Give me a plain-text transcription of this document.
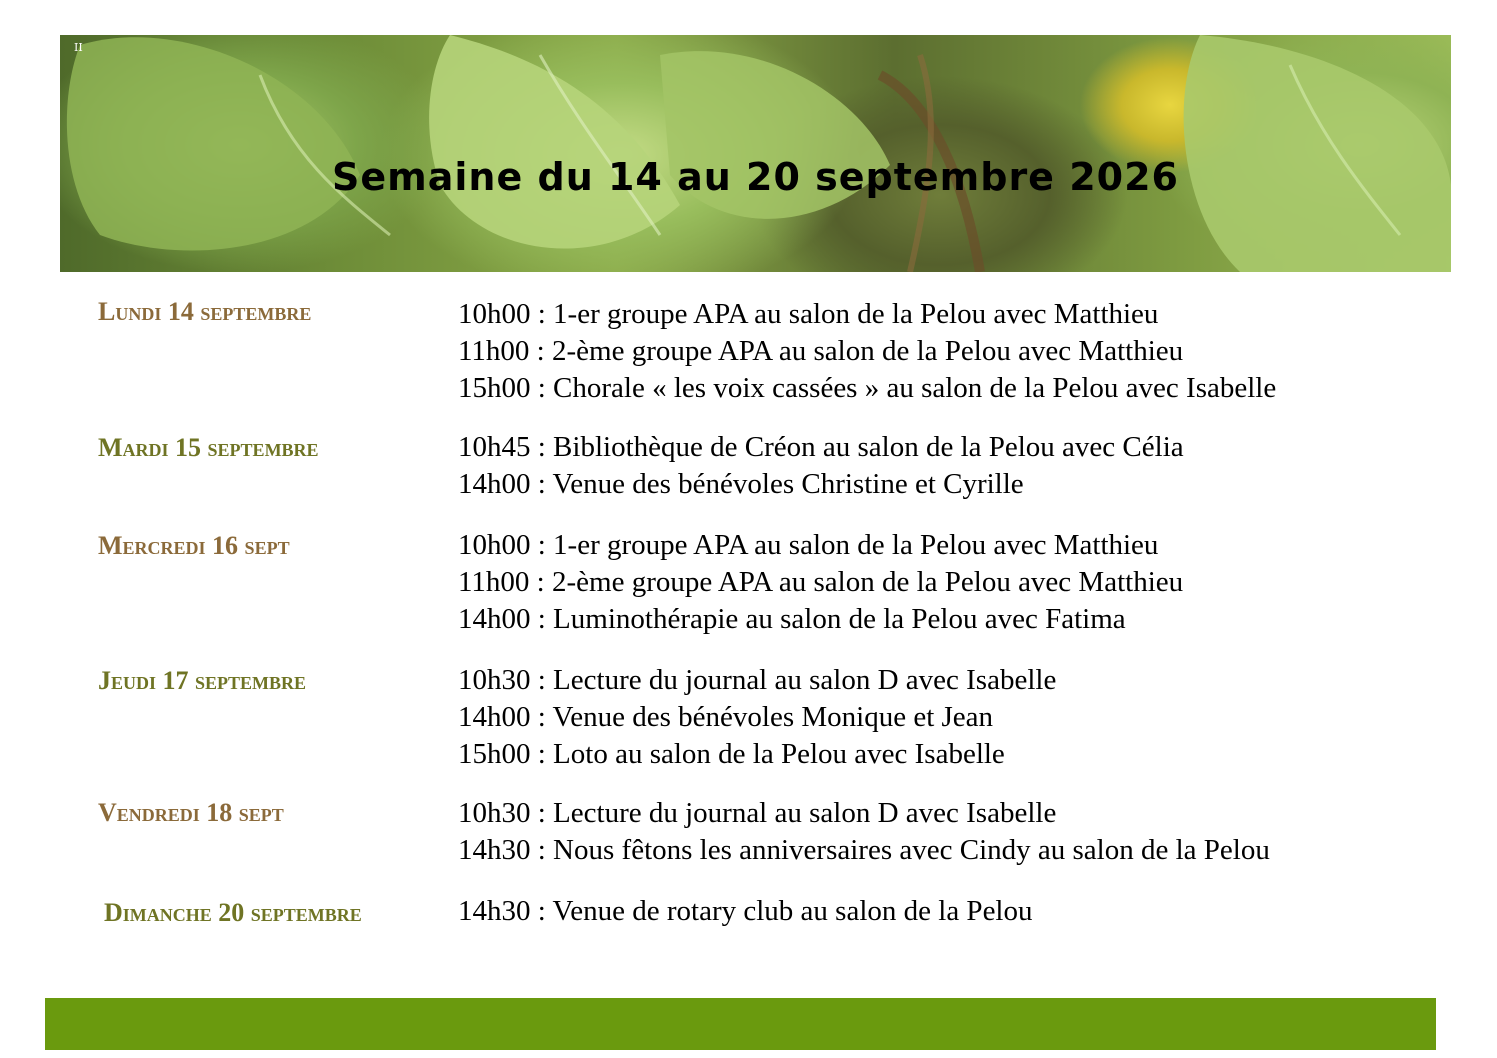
II
Semaine du 14 au 20 septembre 2026
Lundi 14 septembre	10h00 : 1-er groupe APA au salon de la Pelou avec Matthieu
11h00 : 2-ème groupe APA au salon de la Pelou avec Matthieu
15h00 : Chorale « les voix cassées » au salon de la Pelou avec Isabelle
Mardi 15 septembre	10h45 : Bibliothèque de Créon au salon de la Pelou avec Célia
14h00 : Venue des bénévoles Christine et Cyrille
Mercredi 16 sept	10h00 : 1-er groupe APA au salon de la Pelou avec Matthieu
11h00 : 2-ème groupe APA au salon de la Pelou avec Matthieu
14h00 : Luminothérapie au salon de la Pelou avec Fatima
Jeudi 17 septembre	10h30 : Lecture du journal au salon D avec Isabelle
14h00 : Venue des bénévoles Monique et Jean
15h00 : Loto au salon de la Pelou avec Isabelle
Vendredi 18 sept	10h30 : Lecture du journal au salon D avec Isabelle
14h30 : Nous fêtons les anniversaires avec Cindy au salon de la Pelou
Dimanche 20 septembre	14h30 : Venue de rotary club au salon de la Pelou
